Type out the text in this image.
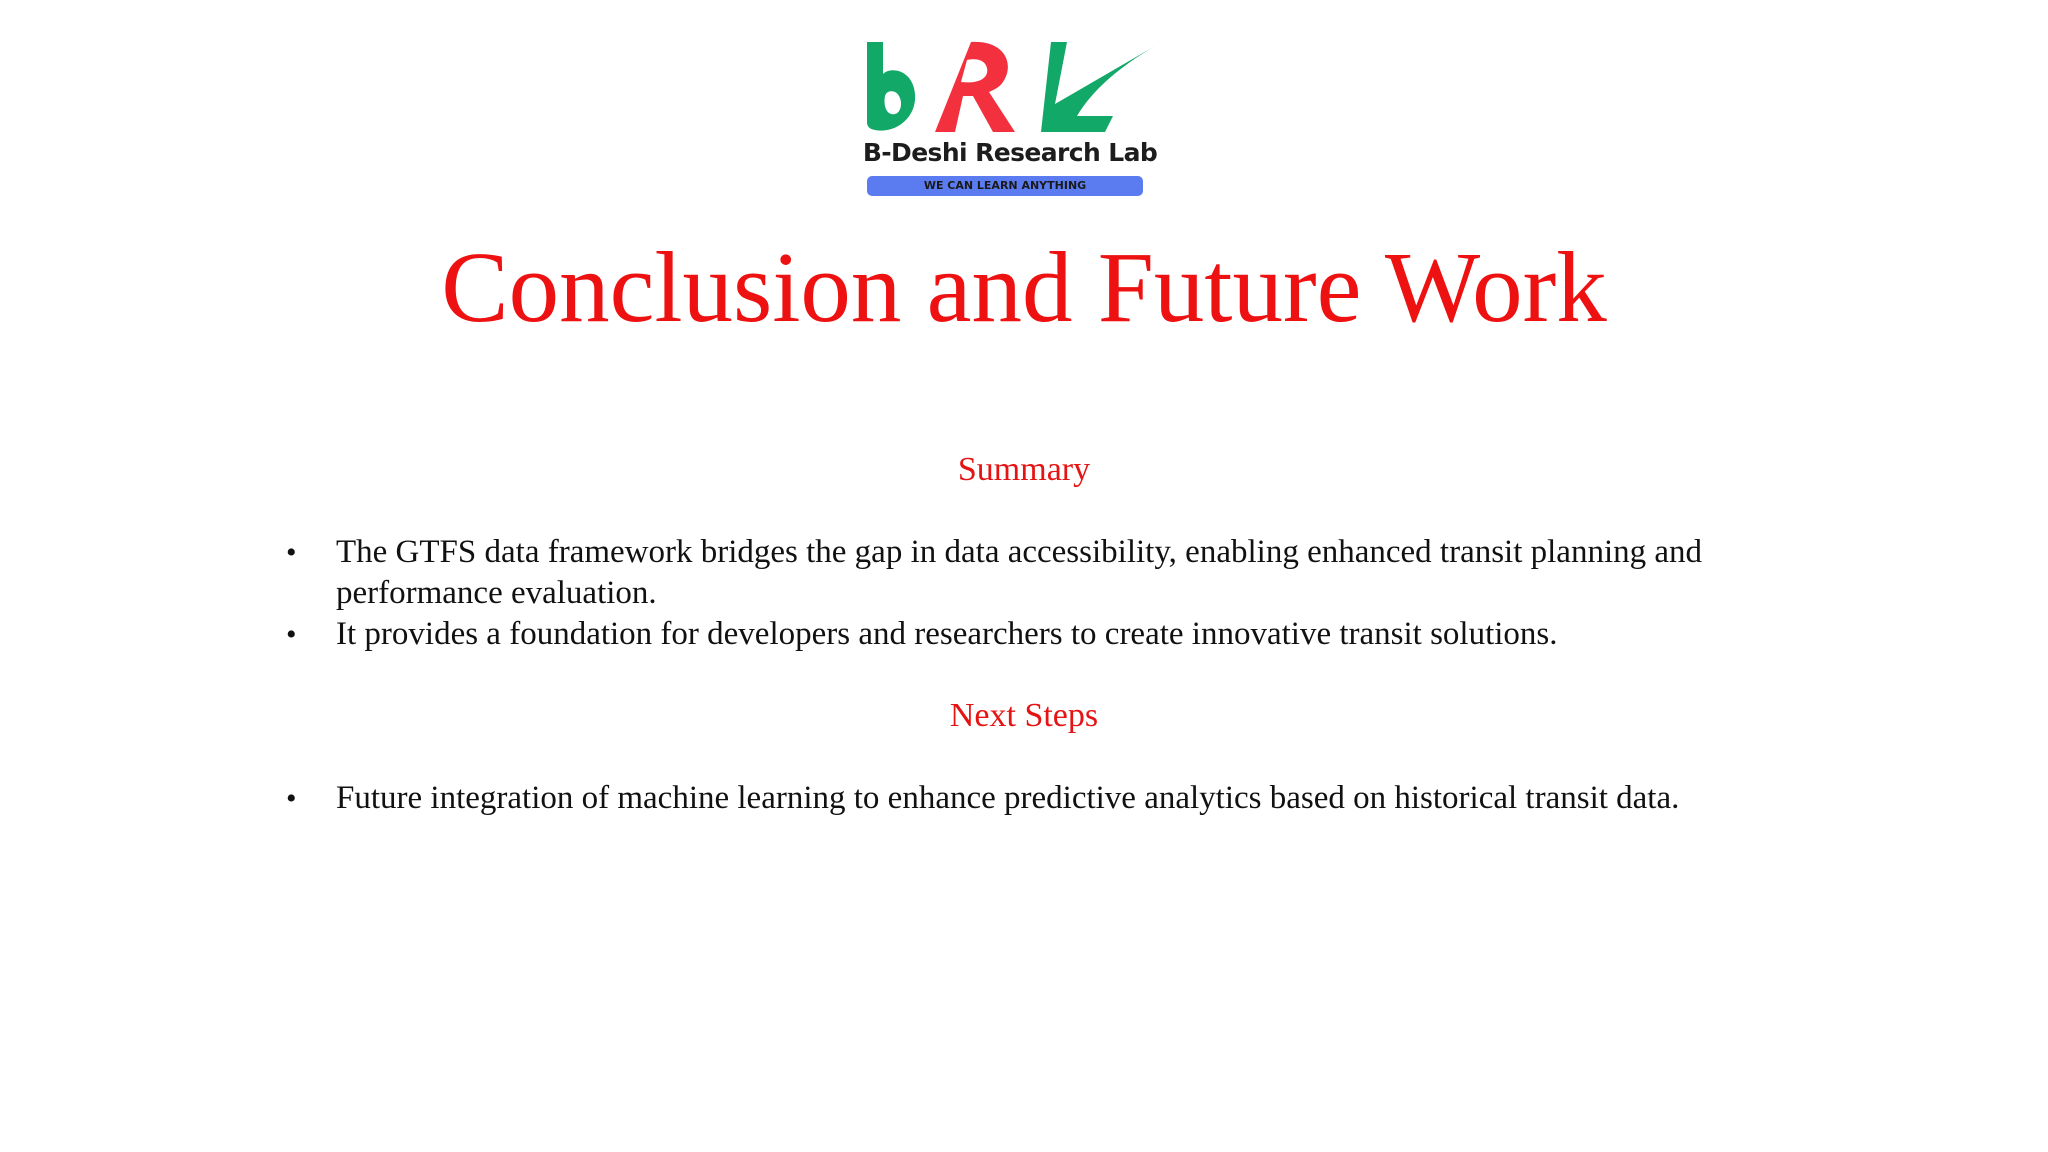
B-Deshi Research Lab
WE CAN LEARN ANYTHING
Conclusion and Future Work
Summary
• The GTFS data framework bridges the gap in data accessibility, enabling enhanced transit planning and performance evaluation.
• It provides a foundation for developers and researchers to create innovative transit solutions.
Next Steps
• Future integration of machine learning to enhance predictive analytics based on historical transit data.
